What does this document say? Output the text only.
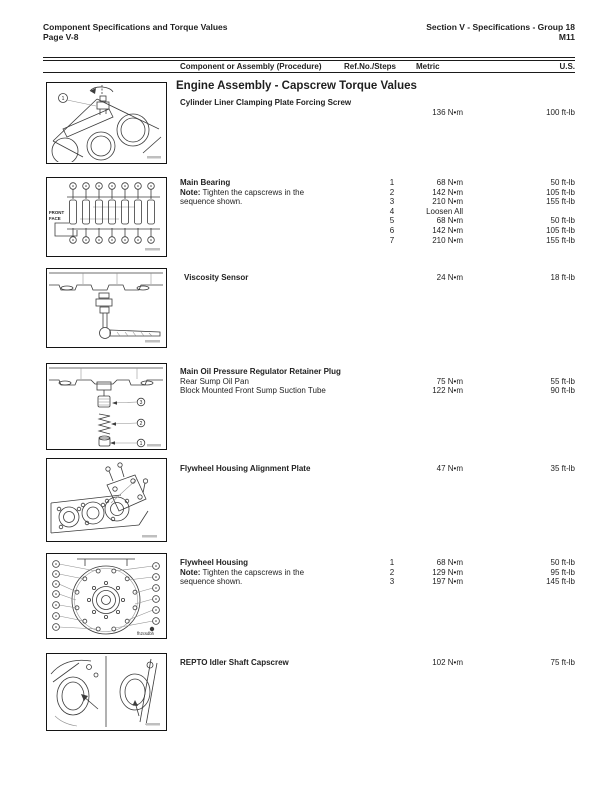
Component Specifications and Torque Values
Page V-8
Section V - Specifications - Group 18
M11
Component or Assembly (Procedure)	Ref.No./Steps Metric	U.S.
Engine Assembly - Capscrew Torque Values
1	Cylinder Liner Clamping Plate Forcing Screw
136 N•m	100 ft-lb
FRONT
FACE
Main Bearing
Note: Tighten the capscrews in the sequence shown.
1	68 N•m	50 ft-lb
2	142 N•m	105 ft-lb
3	210 N•m	155 ft-lb
4	Loosen All
5	68 N•m	50 ft-lb
6	142 N•m	105 ft-lb
7	210 N•m	155 ft-lb
Viscosity Sensor	24 N•m	18 ft-lb
3
2
1
Main Oil Pressure Regulator Retainer Plug
Rear Sump Oil Pan	75 N•m	55 ft-lb
Block Mounted Front Sump Suction Tube	122 N•m	90 ft-lb
Flywheel Housing Alignment Plate	47 N•m	35 ft-lb
fh2csdbh
Flywheel Housing
Note: Tighten the capscrews in the sequence shown.
1	68 N•m	50 ft-lb
2	129 N•m	95 ft-lb
3	197 N•m	145 ft-lb
REPTO Idler Shaft Capscrew	102 N•m	75 ft-lb
